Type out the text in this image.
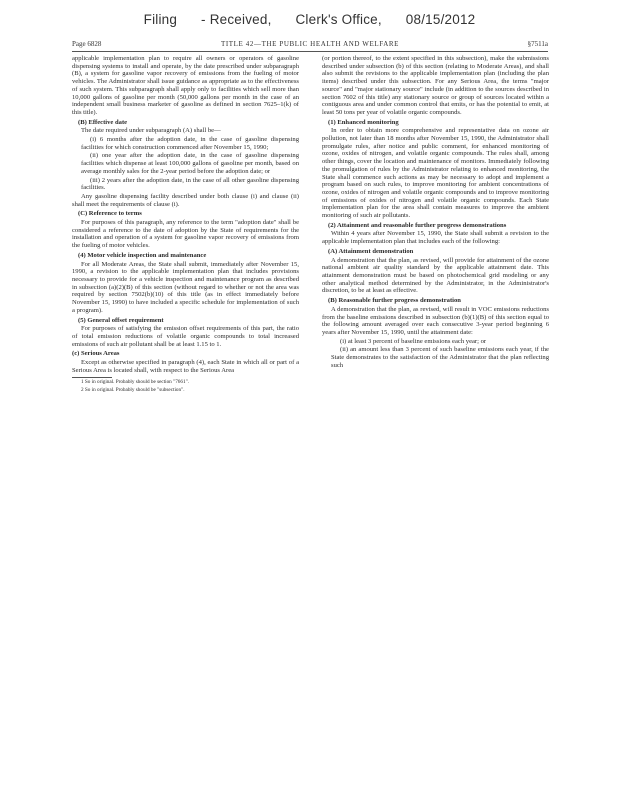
Filing - Received, Clerk's Office, 08/15/2012
Page 6828	TITLE 42—THE PUBLIC HEALTH AND WELFARE	§7511a

applicable implementation plan to require all owners or operators of gasoline dispensing systems to install and operate, by the date prescribed under subparagraph (B), a system for gasoline vapor recovery of emissions from the fueling of motor vehicles. The Administrator shall issue guidance as appropriate as to the effectiveness of such system. This subparagraph shall apply only to facilities which sell more than 10,000 gallons of gasoline per month (50,000 gallons per month in the case of an independent small business marketer of gasoline as defined in section 7625–1(k) of this title).

(B) Effective date

The date required under subparagraph (A) shall be—

(i) 6 months after the adoption date, in the case of gasoline dispensing facilities for which construction commenced after November 15, 1990;

(ii) one year after the adoption date, in the case of gasoline dispensing facilities which dispense at least 100,000 gallons of gasoline per month, based on average monthly sales for the 2-year period before the adoption date; or

(iii) 2 years after the adoption date, in the case of all other gasoline dispensing facilities.

Any gasoline dispensing facility described under both clause (i) and clause (ii) shall meet the requirements of clause (i).

(C) Reference to terms

For purposes of this paragraph, any reference to the term "adoption date" shall be considered a reference to the date of adoption by the State of requirements for the installation and operation of a system for gasoline vapor recovery of emissions from the fueling of motor vehicles.

(4) Motor vehicle inspection and maintenance

For all Moderate Areas, the State shall submit, immediately after November 15, 1990, a revision to the applicable implementation plan that includes provisions necessary to provide for a vehicle inspection and maintenance program as described in subsection (a)(2)(B) of this section (without regard to whether or not the area was required by section 7502(b)(10) of this title (as in effect immediately before November 15, 1990) to have included a specific schedule for implementation of such a program).

(5) General offset requirement

For purposes of satisfying the emission offset requirements of this part, the ratio of total emission reductions of volatile organic compounds to total increased emissions of such air pollutant shall be at least 1.15 to 1.

(c) Serious Areas

Except as otherwise specified in paragraph (4), each State in which all or part of a Serious Area is located shall, with respect to the Serious Area

1 So in original. Probably should be section "7661".

2 So in original. Probably should be "subsection".

(or portion thereof, to the extent specified in this subsection), make the submissions described under subsection (b) of this section (relating to Moderate Areas), and shall also submit the revisions to the applicable implementation plan (including the plan items) described under this subsection. For any Serious Area, the terms "major source" and "major stationary source" include (in addition to the sources described in section 7602 of this title) any stationary source or group of sources located within a contiguous area and under common control that emits, or has the potential to emit, at least 50 tons per year of volatile organic compounds.

(1) Enhanced monitoring

In order to obtain more comprehensive and representative data on ozone air pollution, not later than 18 months after November 15, 1990, the Administrator shall promulgate rules, after notice and public comment, for enhanced monitoring of ozone, oxides of nitrogen, and volatile organic compounds. The rules shall, among other things, cover the location and maintenance of monitors. Immediately following the promulgation of rules by the Administrator relating to enhanced monitoring, the State shall commence such actions as may be necessary to adopt and implement a program based on such rules, to improve monitoring for ambient concentrations of ozone, oxides of nitrogen and volatile organic compounds and to improve monitoring of emissions of oxides of nitrogen and volatile organic compounds. Each State implementation plan for the area shall contain measures to improve the ambient monitoring of such air pollutants.

(2) Attainment and reasonable further progress demonstrations

Within 4 years after November 15, 1990, the State shall submit a revision to the applicable implementation plan that includes each of the following:

(A) Attainment demonstration

A demonstration that the plan, as revised, will provide for attainment of the ozone national ambient air quality standard by the applicable attainment date. This attainment demonstration must be based on photochemical grid modeling or any other analytical method determined by the Administrator, in the Administrator's discretion, to be at least as effective.

(B) Reasonable further progress demonstration

A demonstration that the plan, as revised, will result in VOC emissions reductions from the baseline emissions described in subsection (b)(1)(B) of this section equal to the following amount averaged over each consecutive 3-year period beginning 6 years after November 15, 1990, until the attainment date:

(i) at least 3 percent of baseline emissions each year; or

(ii) an amount less than 3 percent of such baseline emissions each year, if the State demonstrates to the satisfaction of the Administrator that the plan reflecting such
